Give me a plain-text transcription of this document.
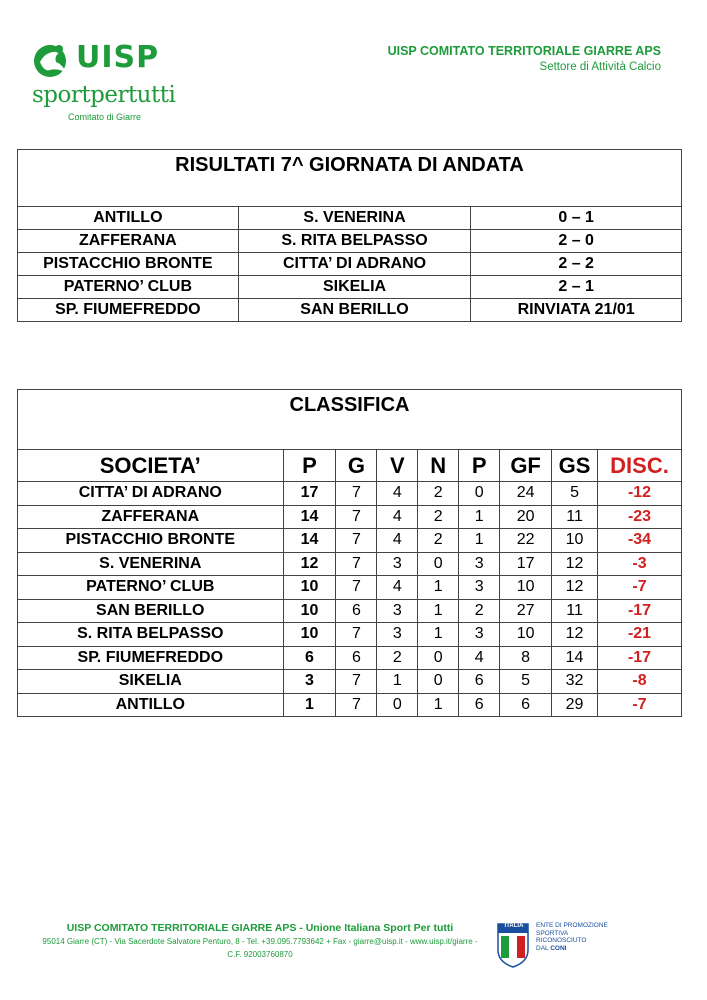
UISP
sportpertutti
Comitato di Giarre
UISP COMITATO TERRITORIALE GIARRE APS
Settore di Attività Calcio
RISULTATI 7^ GIORNATA DI ANDATA		
ANTILLO	S. VENERINA	0 – 1
ZAFFERANA	S. RITA BELPASSO	2 – 0
PISTACCHIO BRONTE	CITTA’ DI ADRANO	2 – 2
PATERNO’ CLUB	SIKELIA	2 – 1
SP. FIUMEFREDDO	SAN BERILLO	RINVIATA 21/01
CLASSIFICA								
SOCIETA’	P	G	V	N	P	GF	GS	DISC.
CITTA’ DI ADRANO	17	7	4	2	0	24	5	-12
ZAFFERANA	14	7	4	2	1	20	11	-23
PISTACCHIO BRONTE	14	7	4	2	1	22	10	-34
S. VENERINA	12	7	3	0	3	17	12	-3
PATERNO’ CLUB	10	7	4	1	3	10	12	-7
SAN BERILLO	10	6	3	1	2	27	11	-17
S. RITA BELPASSO	10	7	3	1	3	10	12	-21
SP. FIUMEFREDDO	6	6	2	0	4	8	14	-17
SIKELIA	3	7	1	0	6	5	32	-8
ANTILLO	1	7	0	1	6	6	29	-7
UISP COMITATO TERRITORIALE GIARRE APS - Unione Italiana Sport Per tutti
95014 Giarre (CT) - Via Sacerdote Salvatore Penturo, 8 - Tel. +39.095.7793642 + Fax - giarre@uisp.it - www.uisp.it/giarre -
C.F. 92003760870
ITALIA	ENTE DI PROMOZIONE
SPORTIVA
RICONOSCIUTO
DAL CONI
